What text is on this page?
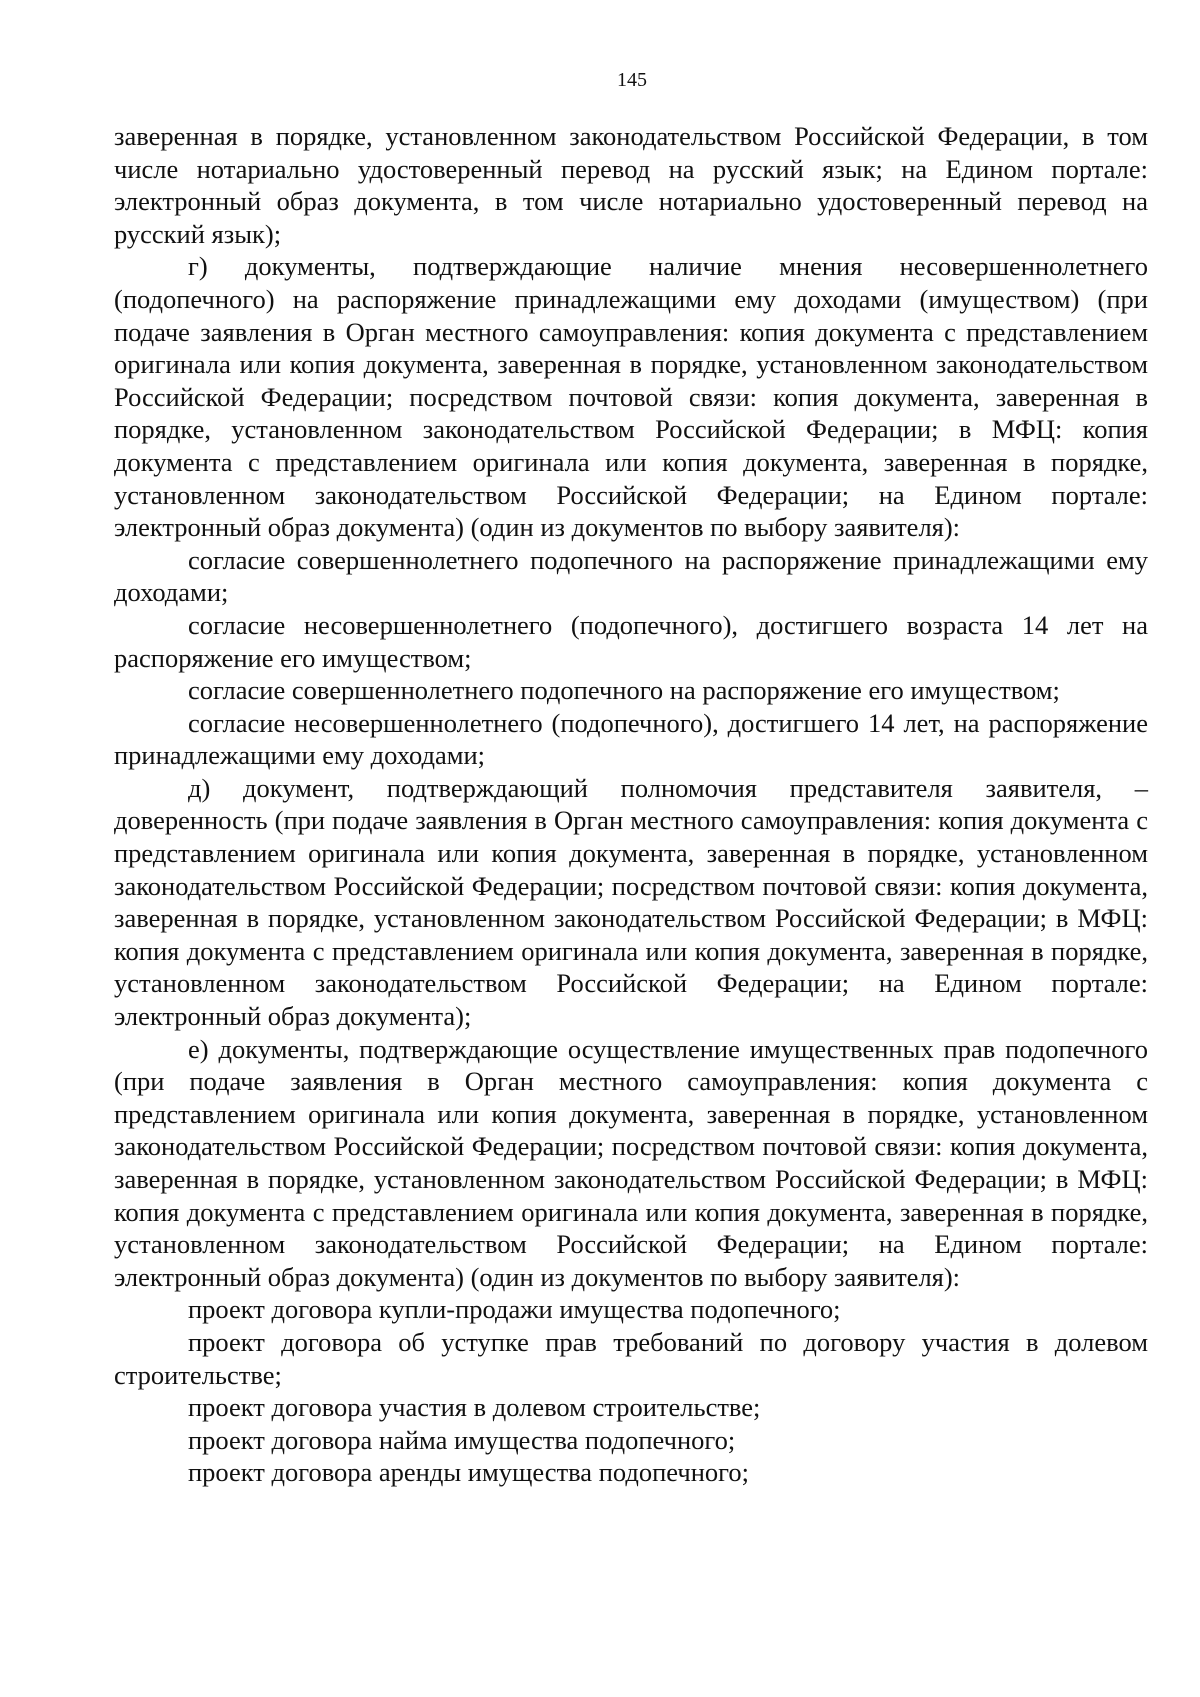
145

заверенная в порядке, установленном законодательством Российской Федерации, в том числе нотариально удостоверенный перевод на русский язык; на Едином портале: электронный образ документа, в том числе нотариально удостоверенный перевод на русский язык);

г) документы, подтверждающие наличие мнения несовершеннолетнего (подопечного) на распоряжение принадлежащими ему доходами (имуществом) (при подаче заявления в Орган местного самоуправления: копия документа с представлением оригинала или копия документа, заверенная в порядке, установленном законодательством Российской Федерации; посредством почтовой связи: копия документа, заверенная в порядке, установленном законодательством Российской Федерации; в МФЦ: копия документа с представлением оригинала или копия документа, заверенная в порядке, установленном законодательством Российской Федерации; на Едином портале: электронный образ документа) (один из документов по выбору заявителя):

согласие совершеннолетнего подопечного на распоряжение принадлежащими ему доходами;

согласие несовершеннолетнего (подопечного), достигшего возраста 14 лет на распоряжение его имуществом;

согласие совершеннолетнего подопечного на распоряжение его имуществом;

согласие несовершеннолетнего (подопечного), достигшего 14 лет, на распоряжение принадлежащими ему доходами;

д) документ, подтверждающий полномочия представителя заявителя, – доверенность (при подаче заявления в Орган местного самоуправления: копия документа с представлением оригинала или копия документа, заверенная в порядке, установленном законодательством Российской Федерации; посредством почтовой связи: копия документа, заверенная в порядке, установленном законодательством Российской Федерации; в МФЦ: копия документа с представлением оригинала или копия документа, заверенная в порядке, установленном законодательством Российской Федерации; на Едином портале: электронный образ документа);

е) документы, подтверждающие осуществление имущественных прав подопечного (при подаче заявления в Орган местного самоуправления: копия документа с представлением оригинала или копия документа, заверенная в порядке, установленном законодательством Российской Федерации; посредством почтовой связи: копия документа, заверенная в порядке, установленном законодательством Российской Федерации; в МФЦ: копия документа с представлением оригинала или копия документа, заверенная в порядке, установленном законодательством Российской Федерации; на Едином портале: электронный образ документа) (один из документов по выбору заявителя):

проект договора купли-продажи имущества подопечного;

проект договора об уступке прав требований по договору участия в долевом строительстве;

проект договора участия в долевом строительстве;

проект договора найма имущества подопечного;

проект договора аренды имущества подопечного;
